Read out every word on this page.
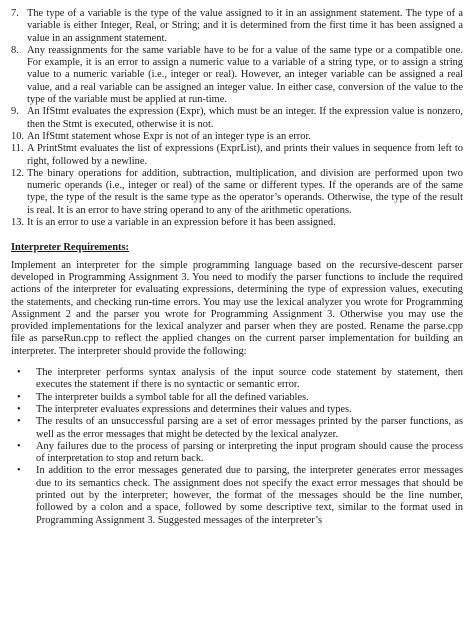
7. The type of a variable is the type of the value assigned to it in an assignment statement. The type of a variable is either Integer, Real, or String; and it is determined from the first time it has been assigned a value in an assignment statement.
8. Any reassignments for the same variable have to be for a value of the same type or a compatible one. For example, it is an error to assign a numeric value to a variable of a string type, or to assign a string value to a numeric variable (i.e., integer or real). However, an integer variable can be assigned a real value, and a real variable can be assigned an integer value. In either case, conversion of the value to the type of the variable must be applied at run-time.
9. An IfStmt evaluates the expression (Expr), which must be an integer. If the expression value is nonzero, then the Stmt is executed, otherwise it is not.
10. An IfStmt statement whose Expr is not of an integer type is an error.
11. A PrintStmt evaluates the list of expressions (ExprList), and prints their values in sequence from left to right, followed by a newline.
12. The binary operations for addition, subtraction, multiplication, and division are performed upon two numeric operands (i.e., integer or real) of the same or different types. If the operands are of the same type, the type of the result is the same type as the operator’s operands. Otherwise, the type of the result is real. It is an error to have string operand to any of the arithmetic operations.
13. It is an error to use a variable in an expression before it has been assigned.
Interpreter Requirements:

Implement an interpreter for the simple programming language based on the recursive-descent parser developed in Programming Assignment 3. You need to modify the parser functions to include the required actions of the interpreter for evaluating expressions, determining the type of expression values, executing the statements, and checking run-time errors. You may use the lexical analyzer you wrote for Programming Assignment 2 and the parser you wrote for Programming Assignment 3. Otherwise you may use the provided implementations for the lexical analyzer and parser when they are posted. Rename the parse.cpp file as parseRun.cpp to reflect the applied changes on the current parser implementation for building an interpreter. The interpreter should provide the following:

• The interpreter performs syntax analysis of the input source code statement by statement, then executes the statement if there is no syntactic or semantic error.
• The interpreter builds a symbol table for all the defined variables.
• The interpreter evaluates expressions and determines their values and types.
• The results of an unsuccessful parsing are a set of error messages printed by the parser functions, as well as the error messages that might be detected by the lexical analyzer.
• Any failures due to the process of parsing or interpreting the input program should cause the process of interpretation to stop and return back.
• In addition to the error messages generated due to parsing, the interpreter generates error messages due to its semantics check. The assignment does not specify the exact error messages that should be printed out by the interpreter; however, the format of the messages should be the line number, followed by a colon and a space, followed by some descriptive text, similar to the format used in Programming Assignment 3. Suggested messages of the interpreter’s
